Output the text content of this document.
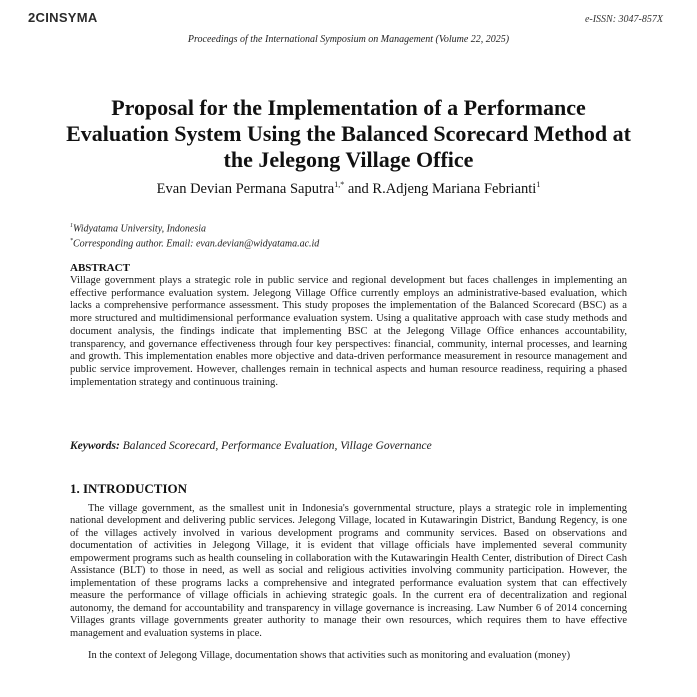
2CINSYMA	e-ISSN: 3047-857X
Proceedings of the International Symposium on Management (Volume 22, 2025)
Proposal for the Implementation of a Performance Evaluation System Using the Balanced Scorecard Method at the Jelegong Village Office
Evan Devian Permana Saputra$^{1,*}$ and R.Adjeng Mariana Febrianti$^1$
$^1$Widyatama University, Indonesia
*Corresponding author. Email: evan.devian@widyatama.ac.id
ABSTRACT
Village government plays a strategic role in public service and regional development but faces challenges in implementing an effective performance evaluation system. Jelegong Village Office currently employs an administrative-based evaluation, which lacks a comprehensive performance assessment. This study proposes the implementation of the Balanced Scorecard (BSC) as a more structured and multidimensional performance evaluation system. Using a qualitative approach with case study methods and document analysis, the findings indicate that implementing BSC at the Jelegong Village Office enhances accountability, transparency, and governance effectiveness through four key perspectives: financial, community, internal processes, and learning and growth. This implementation enables more objective and data-driven performance measurement in resource management and public service improvement. However, challenges remain in technical aspects and human resource readiness, requiring a phased implementation strategy and continuous training.
Keywords: Balanced Scorecard, Performance Evaluation, Village Governance
1. INTRODUCTION

The village government, as the smallest unit in Indonesia's governmental structure, plays a strategic role in implementing national development and delivering public services. Jelegong Village, located in Kutawaringin District, Bandung Regency, is one of the villages actively involved in various development programs and community services. Based on observations and documentation of activities in Jelegong Village, it is evident that village officials have implemented several community empowerment programs such as health counseling in collaboration with the Kutawaringin Health Center, distribution of Direct Cash Assistance (BLT) to those in need, as well as social and religious activities involving community participation. However, the implementation of these programs lacks a comprehensive and integrated performance evaluation system that can effectively measure the performance of village officials in achieving strategic goals. In the current era of decentralization and regional autonomy, the demand for accountability and transparency in village governance is increasing. Law Number 6 of 2014 concerning Villages grants village governments greater authority to manage their own resources, which requires them to have effective management and evaluation systems in place.

In the context of Jelegong Village, documentation shows that activities such as monitoring and evaluation (money)
